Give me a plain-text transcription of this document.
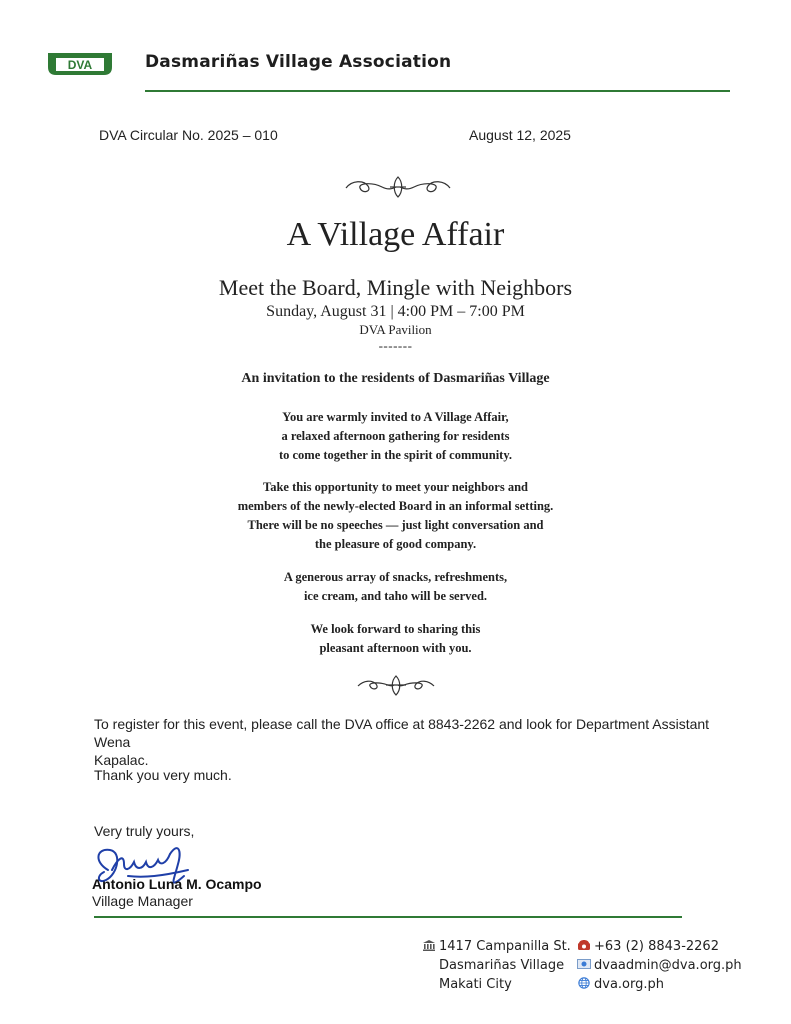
DVA	Dasmariñas Village Association
DVA Circular No. 2025 – 010	August 12, 2025
A Village Affair
Meet the Board, Mingle with Neighbors
Sunday, August 31 | 4:00 PM – 7:00 PM
DVA Pavilion
-------
An invitation to the residents of Dasmariñas Village
You are warmly invited to A Village Affair,
a relaxed afternoon gathering for residents
to come together in the spirit of community.
Take this opportunity to meet your neighbors and
members of the newly-elected Board in an informal setting.
There will be no speeches — just light conversation and
the pleasure of good company.
A generous array of snacks, refreshments,
ice cream, and taho will be served.
We look forward to sharing this
pleasant afternoon with you.
To register for this event, please call the DVA office at 8843-2262 and look for Department Assistant Wena
Kapalac.
Thank you very much.
Very truly yours,
Antonio Luna M. Ocampo
Village Manager
1417 Campanilla St.
Dasmariñas Village
Makati City
+63 (2) 8843-2262
dvaadmin@dva.org.ph
dva.org.ph
